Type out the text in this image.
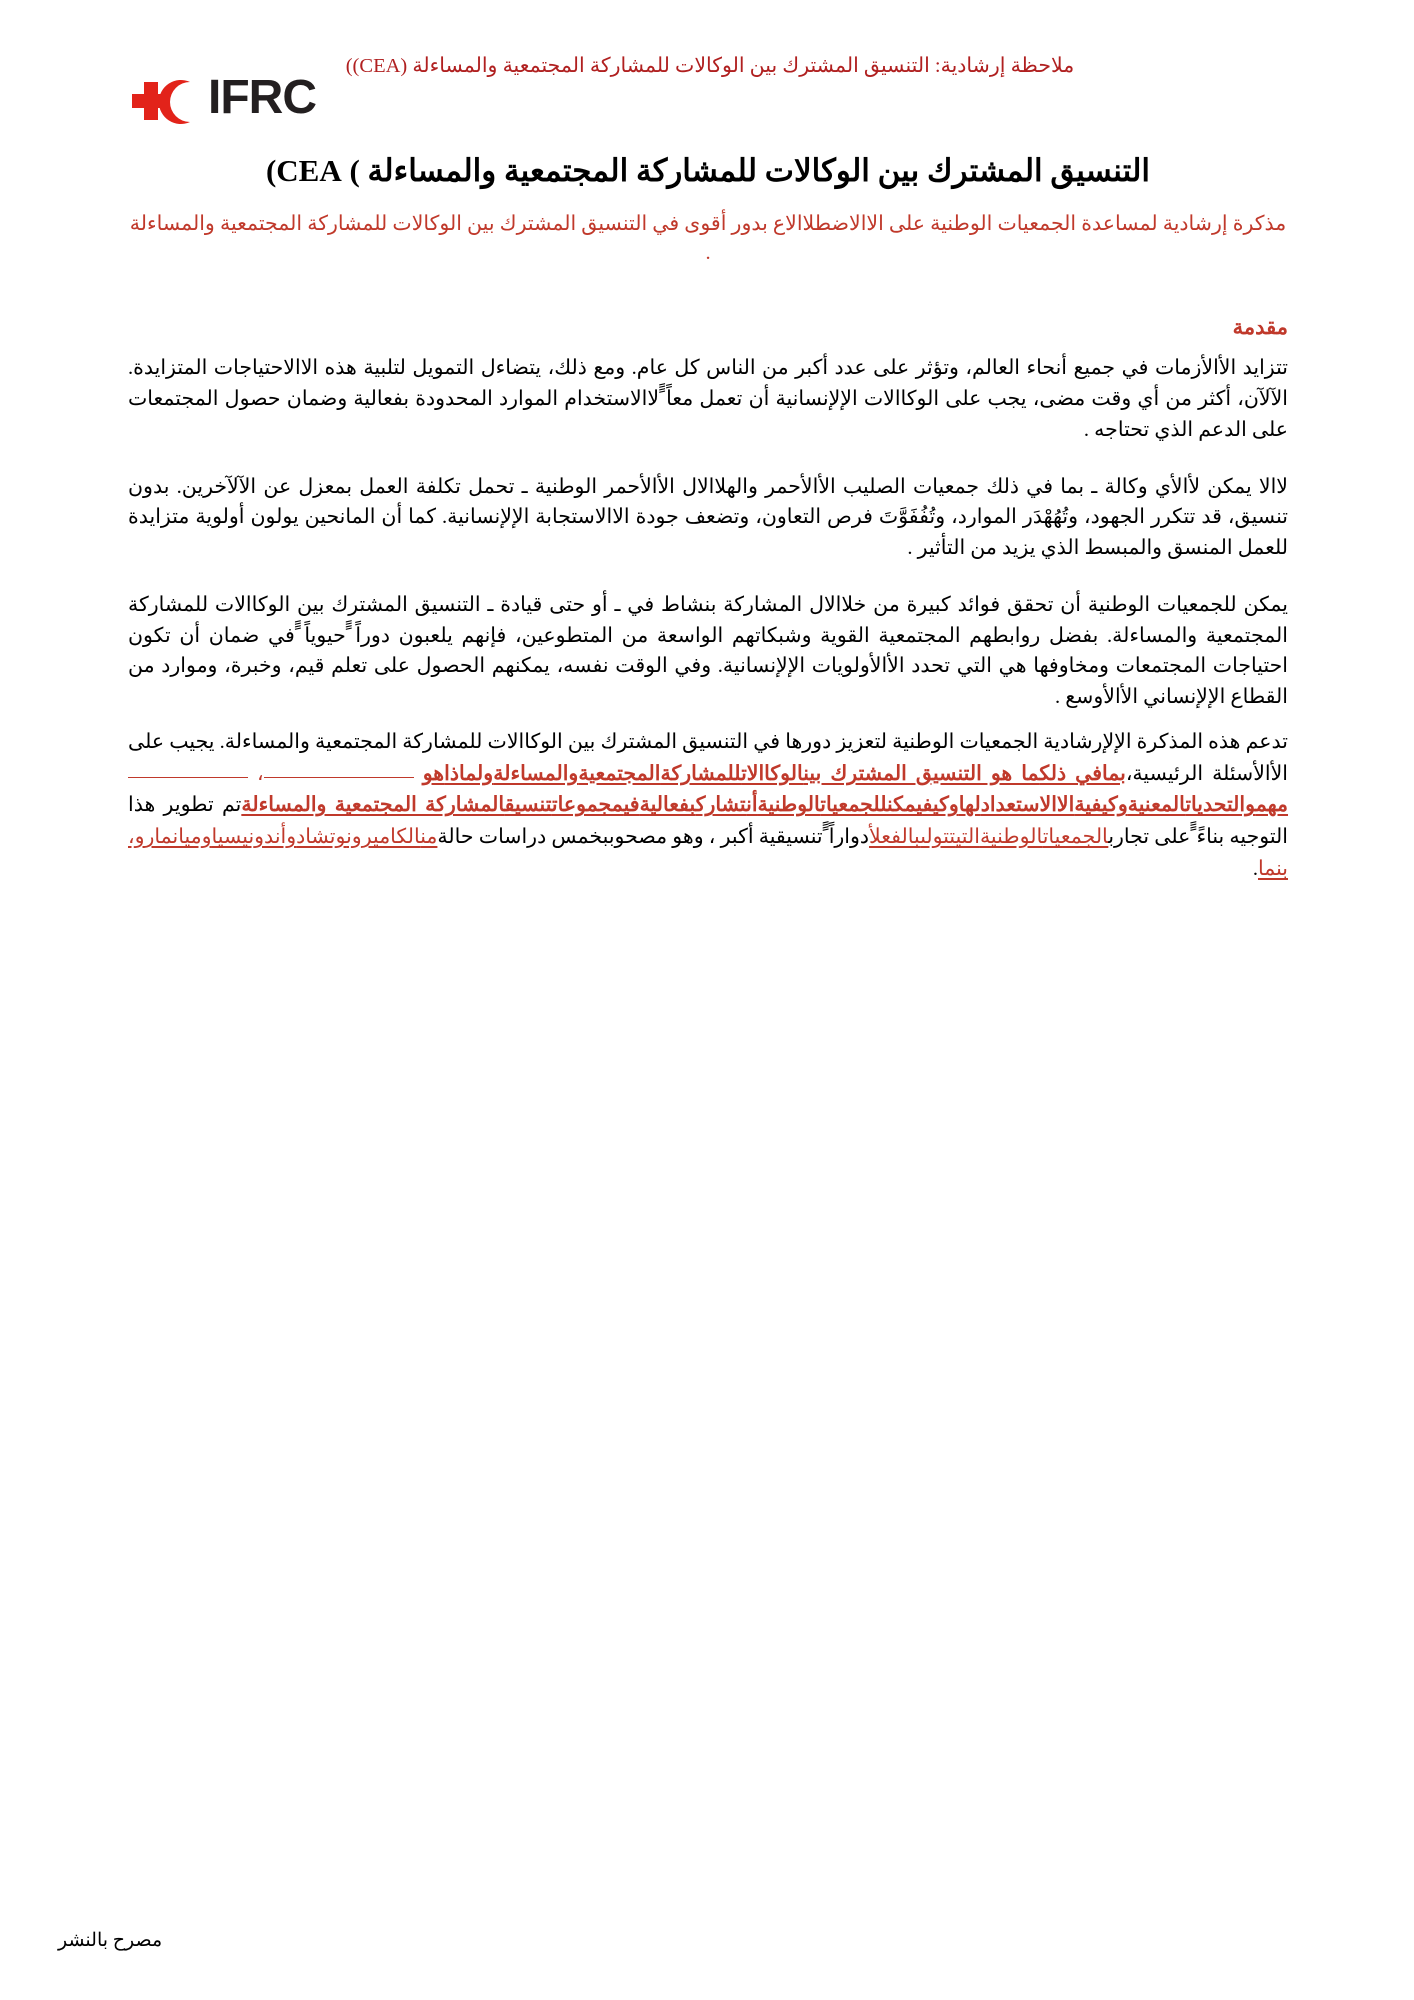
ملاحظة إرشادية: التنسيق المشترك بين الوكالات للمشاركة المجتمعية والمساءلة (CEA))
IFRC
التنسيق المشترك بين الوكالات للمشاركة المجتمعية والمساءلة ) CEA)
مذكرة إرشادية لمساعدة الجمعيات الوطنية على الاالاضطلاالاع بدور أقوى في التنسيق المشترك بين الوكالات للمشاركة المجتمعية والمساءلة .
مقدمة

تتزايد الأالأزمات في جميع أنحاء العالم، وتؤثر على عدد أكبر من الناس كل عام. ومع ذلك، يتضاءل التمويل لتلبية هذه الاالاحتياجات المتزايدة. الآلآن، أكثر من أي وقت مضى، يجب على الوكاالات الإلإنسانية أن تعمل معاً ًًلاالاستخدام الموارد المحدودة بفعالية وضمان حصول المجتمعات على الدعم الذي تحتاجه .

لاالا يمكن لأالأي وكالة ـ بما في ذلك جمعيات الصليب الأالأحمر والهلاالال الأالأحمر الوطنية ـ تحمل تكلفة العمل بمعزل عن الآلآخرين. بدون تنسيق، قد تتكرر الجهود، وتُهُهْدَر الموارد، وتُفُفَوَّتَ فرص التعاون، وتضعف جودة الاالاستجابة الإلإنسانية. كما أن المانحين يولون أولوية متزايدة للعمل المنسق والمبسط الذي يزيد من التأثير .

يمكن للجمعيات الوطنية أن تحقق فوائد كبيرة من خلاالال المشاركة بنشاط في ـ أو حتى قيادة ـ التنسيق المشترك بين الوكاالات للمشاركة المجتمعية والمساءلة. بفضل روابطهم المجتمعية القوية وشبكاتهم الواسعة من المتطوعين، فإنهم يلعبون دوراً ًًحيوياً ًًفي ضمان أن تكون احتياجات المجتمعات ومخاوفها هي التي تحدد الأالأولويات الإلإنسانية. وفي الوقت نفسه، يمكنهم الحصول على تعلم قيم، وخبرة، وموارد من القطاع الإلإنساني الأالأوسع .

تدعم هذه المذكرة الإلإرشادية الجمعيات الوطنية لتعزيز دورها في التنسيق المشترك بين الوكاالات للمشاركة المجتمعية والمساءلة. يجيب على الأالأسئلة الرئيسية،بمافي ذلكما هو التنسيق المشترك بينالوكاالاتللمشاركةالمجتمعيةوالمساءلةولماذاهو ،  مهموالتحدياتالمعنيةوكيفيةالاالاستعدادلهاوكيفيمكنللجمعياتالوطنيةأنتشاركبفعاليةفيمجموعاتتنسيقالمشاركة المجتمعية والمساءلةتم تطوير هذا التوجيه بناءً ًًعلى تجاربالجمعياتالوطنيةالتيتتولىبالفعلأدواراً ًًتنسيقية أكبر ، وهو مصحوببخمس دراسات حالةمنالكاميرونوتشادوأندونيسياوميانمارو، بنما.

مصرح بالنشر
